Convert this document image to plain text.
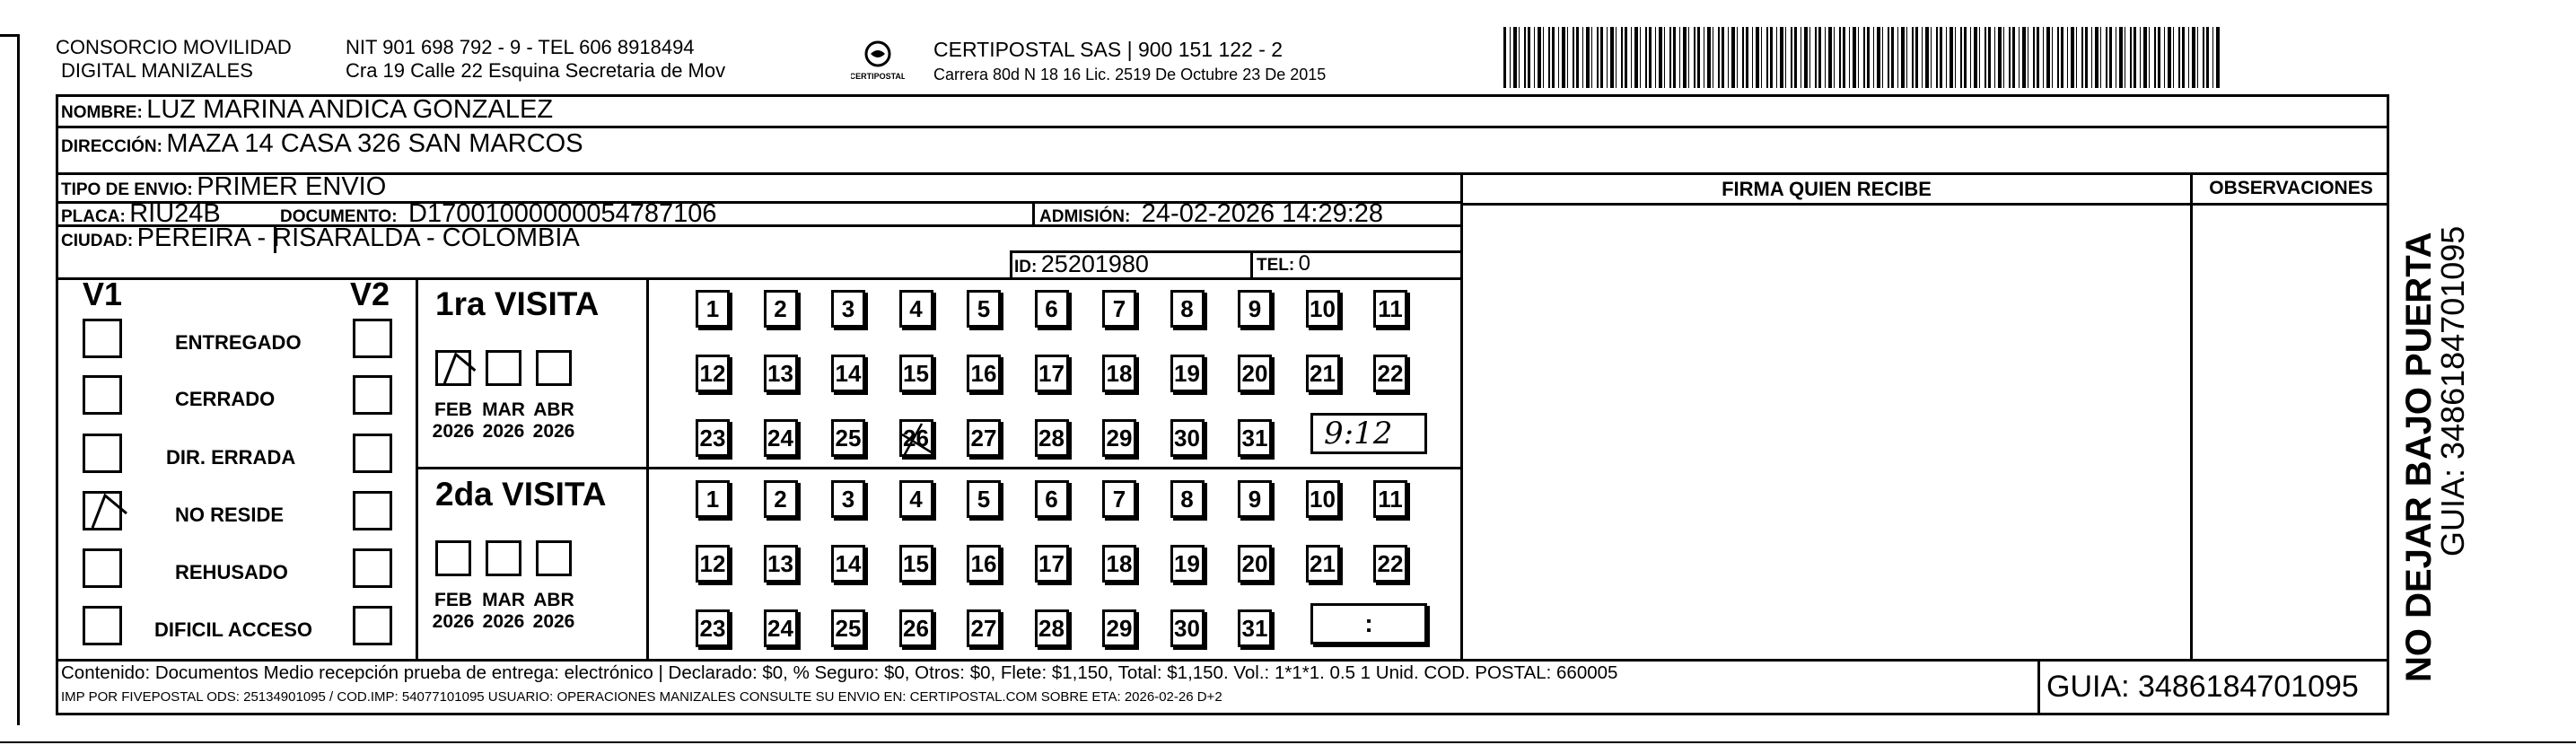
CONSORCIO MOVILIDAD
DIGITAL MANIZALES
NIT 901 698 792 - 9 - TEL 606 8918494
Cra 19 Calle 22 Esquina Secretaria de Mov	CERTIPOSTAL
CERTIPOSTAL SAS | 900 151 122 - 2
Carrera 80d N 18 16 Lic. 2519 De Octubre 23 De 2015
NOMBRE: LUZ MARINA ANDICA GONZALEZ
DIRECCIÓN: MAZA 14 CASA 326 SAN MARCOS
TIPO DE ENVIO: PRIMER ENVIO
PLACA: RIU24B	DOCUMENTO: D17001000000054787106	ADMISIÓN: 24-02-2026 14:29:28
CIUDAD: PEREIRA - RISARALDA - COLOMBIA
ID: 25201980	TEL: 0
FIRMA QUIEN RECIBE	OBSERVACIONES
V1	V2
ENTREGADO
CERRADO
DIR. ERRADA
NO RESIDE
REHUSADO
DIFICIL ACCESO
1ra VISITA
2da VISITA
FEB
2026
MAR
2026
ABR
2026
1	2	3	4	5	6	7	8	9	10 11
12 13 14 15 16 17 18 19 20 21 22
23 24 25 26 27 28 29 30 31
FEB
2026
MAR
2026
ABR
2026
1	2	3	4	5	6	7	8	9	10 11
12 13 14 15 16 17 18 19 20 21 22
23 24 25 26 27 28 29 30 31
9:12
:
Contenido: Documentos Medio recepción prueba de entrega: electrónico | Declarado: $0, % Seguro: $0, Otros: $0, Flete: $1,150, Total: $1,150. Vol.: 1*1*1. 0.5 1 Unid. COD. POSTAL: 660005
IMP POR FIVEPOSTAL ODS: 25134901095 / COD.IMP: 54077101095 USUARIO: OPERACIONES MANIZALES CONSULTE SU ENVIO EN: CERTIPOSTAL.COM SOBRE ETA: 2026-02-26 D+2	GUIA: 3486184701095
NO DEJAR BAJO PUERTA
GUIA: 3486184701095
